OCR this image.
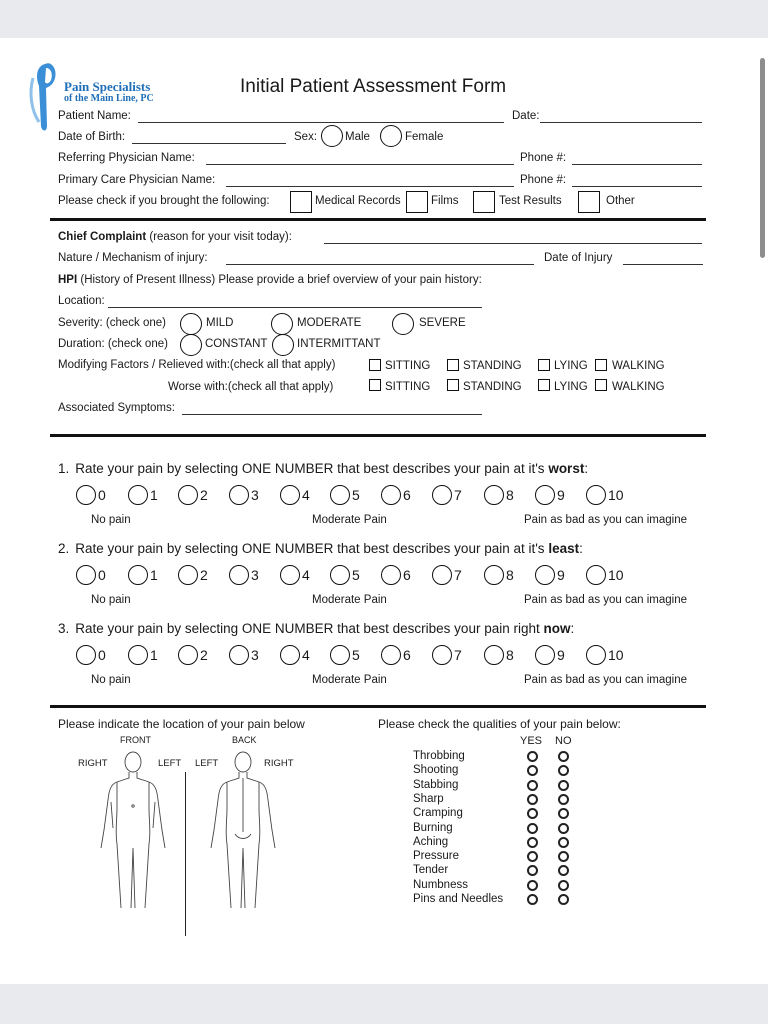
Pain Specialists
of the Main Line, PC
Initial Patient Assessment Form
Patient Name:	Date:
Date of Birth:	Sex: Male	Female
Referring Physician Name:	Phone #:
Primary Care Physician Name:	Phone #:
Please check if you brought the following:	Medical Records	Films	Test Results	Other
Chief Complaint (reason for your visit today):
Nature / Mechanism of injury:	Date of Injury
HPI (History of Present Illness) Please provide a brief overview of your pain history:
Location:
Severity: (check one)	MILD	MODERATE	SEVERE
Duration: (check one)	CONSTANT	INTERMITTANT
Modifying Factors / Relieved with:(check all that apply)	SITTING	STANDING	LYING WALKING
Worse with:(check all that apply)	SITTING	STANDING	LYING WALKING
Associated Symptoms:
1. Rate your pain by selecting ONE NUMBER that best describes your pain at it's worst:
0	1	2	3	4	5	6	7	8	9	10
No pain	Moderate Pain	Pain as bad as you can imagine
2. Rate your pain by selecting ONE NUMBER that best describes your pain at it's least:
0	1	2	3	4	5	6	7	8	9	10
No pain	Moderate Pain	Pain as bad as you can imagine
3. Rate your pain by selecting ONE NUMBER that best describes your pain right now:
0	1	2	3	4	5	6	7	8	9	10
No pain	Moderate Pain	Pain as bad as you can imagine
Please indicate the location of your pain below
FRONT	BACK
RIGHT	LEFT LEFT	RIGHT
Please check the qualities of your pain below:
YES NO
Throbbing
Shooting
Stabbing
Sharp
Cramping
Burning
Aching
Pressure
Tender
Numbness
Pins and Needles
